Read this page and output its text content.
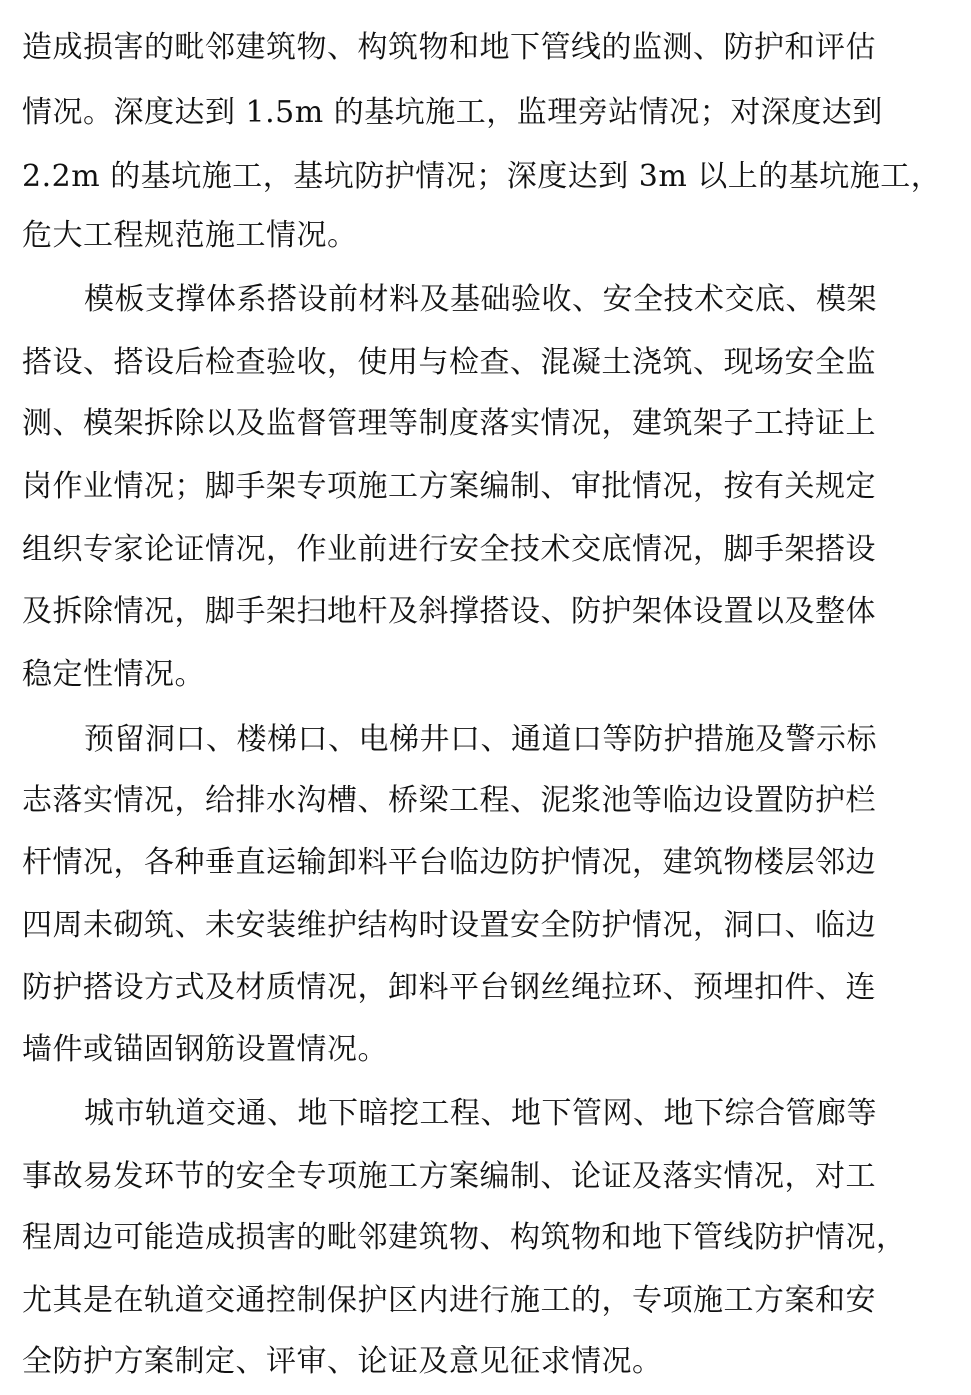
造成损害的毗邻建筑物、构筑物和地下管线的监测、防护和评估
情况。深度达到 1.5m 的基坑施工，监理旁站情况；对深度达到
2.2m 的基坑施工，基坑防护情况；深度达到 3m 以上的基坑施工，
危大工程规范施工情况。
模板支撑体系搭设前材料及基础验收、安全技术交底、模架
搭设、搭设后检查验收，使用与检查、混凝土浇筑、现场安全监
测、模架拆除以及监督管理等制度落实情况，建筑架子工持证上
岗作业情况；脚手架专项施工方案编制、审批情况，按有关规定
组织专家论证情况，作业前进行安全技术交底情况，脚手架搭设
及拆除情况，脚手架扫地杆及斜撑搭设、防护架体设置以及整体
稳定性情况。
预留洞口、楼梯口、电梯井口、通道口等防护措施及警示标
志落实情况，给排水沟槽、桥梁工程、泥浆池等临边设置防护栏
杆情况，各种垂直运输卸料平台临边防护情况，建筑物楼层邻边
四周未砌筑、未安装维护结构时设置安全防护情况，洞口、临边
防护搭设方式及材质情况，卸料平台钢丝绳拉环、预埋扣件、连
墙件或锚固钢筋设置情况。
城市轨道交通、地下暗挖工程、地下管网、地下综合管廊等
事故易发环节的安全专项施工方案编制、论证及落实情况，对工
程周边可能造成损害的毗邻建筑物、构筑物和地下管线防护情况，
尤其是在轨道交通控制保护区内进行施工的，专项施工方案和安
全防护方案制定、评审、论证及意见征求情况。
